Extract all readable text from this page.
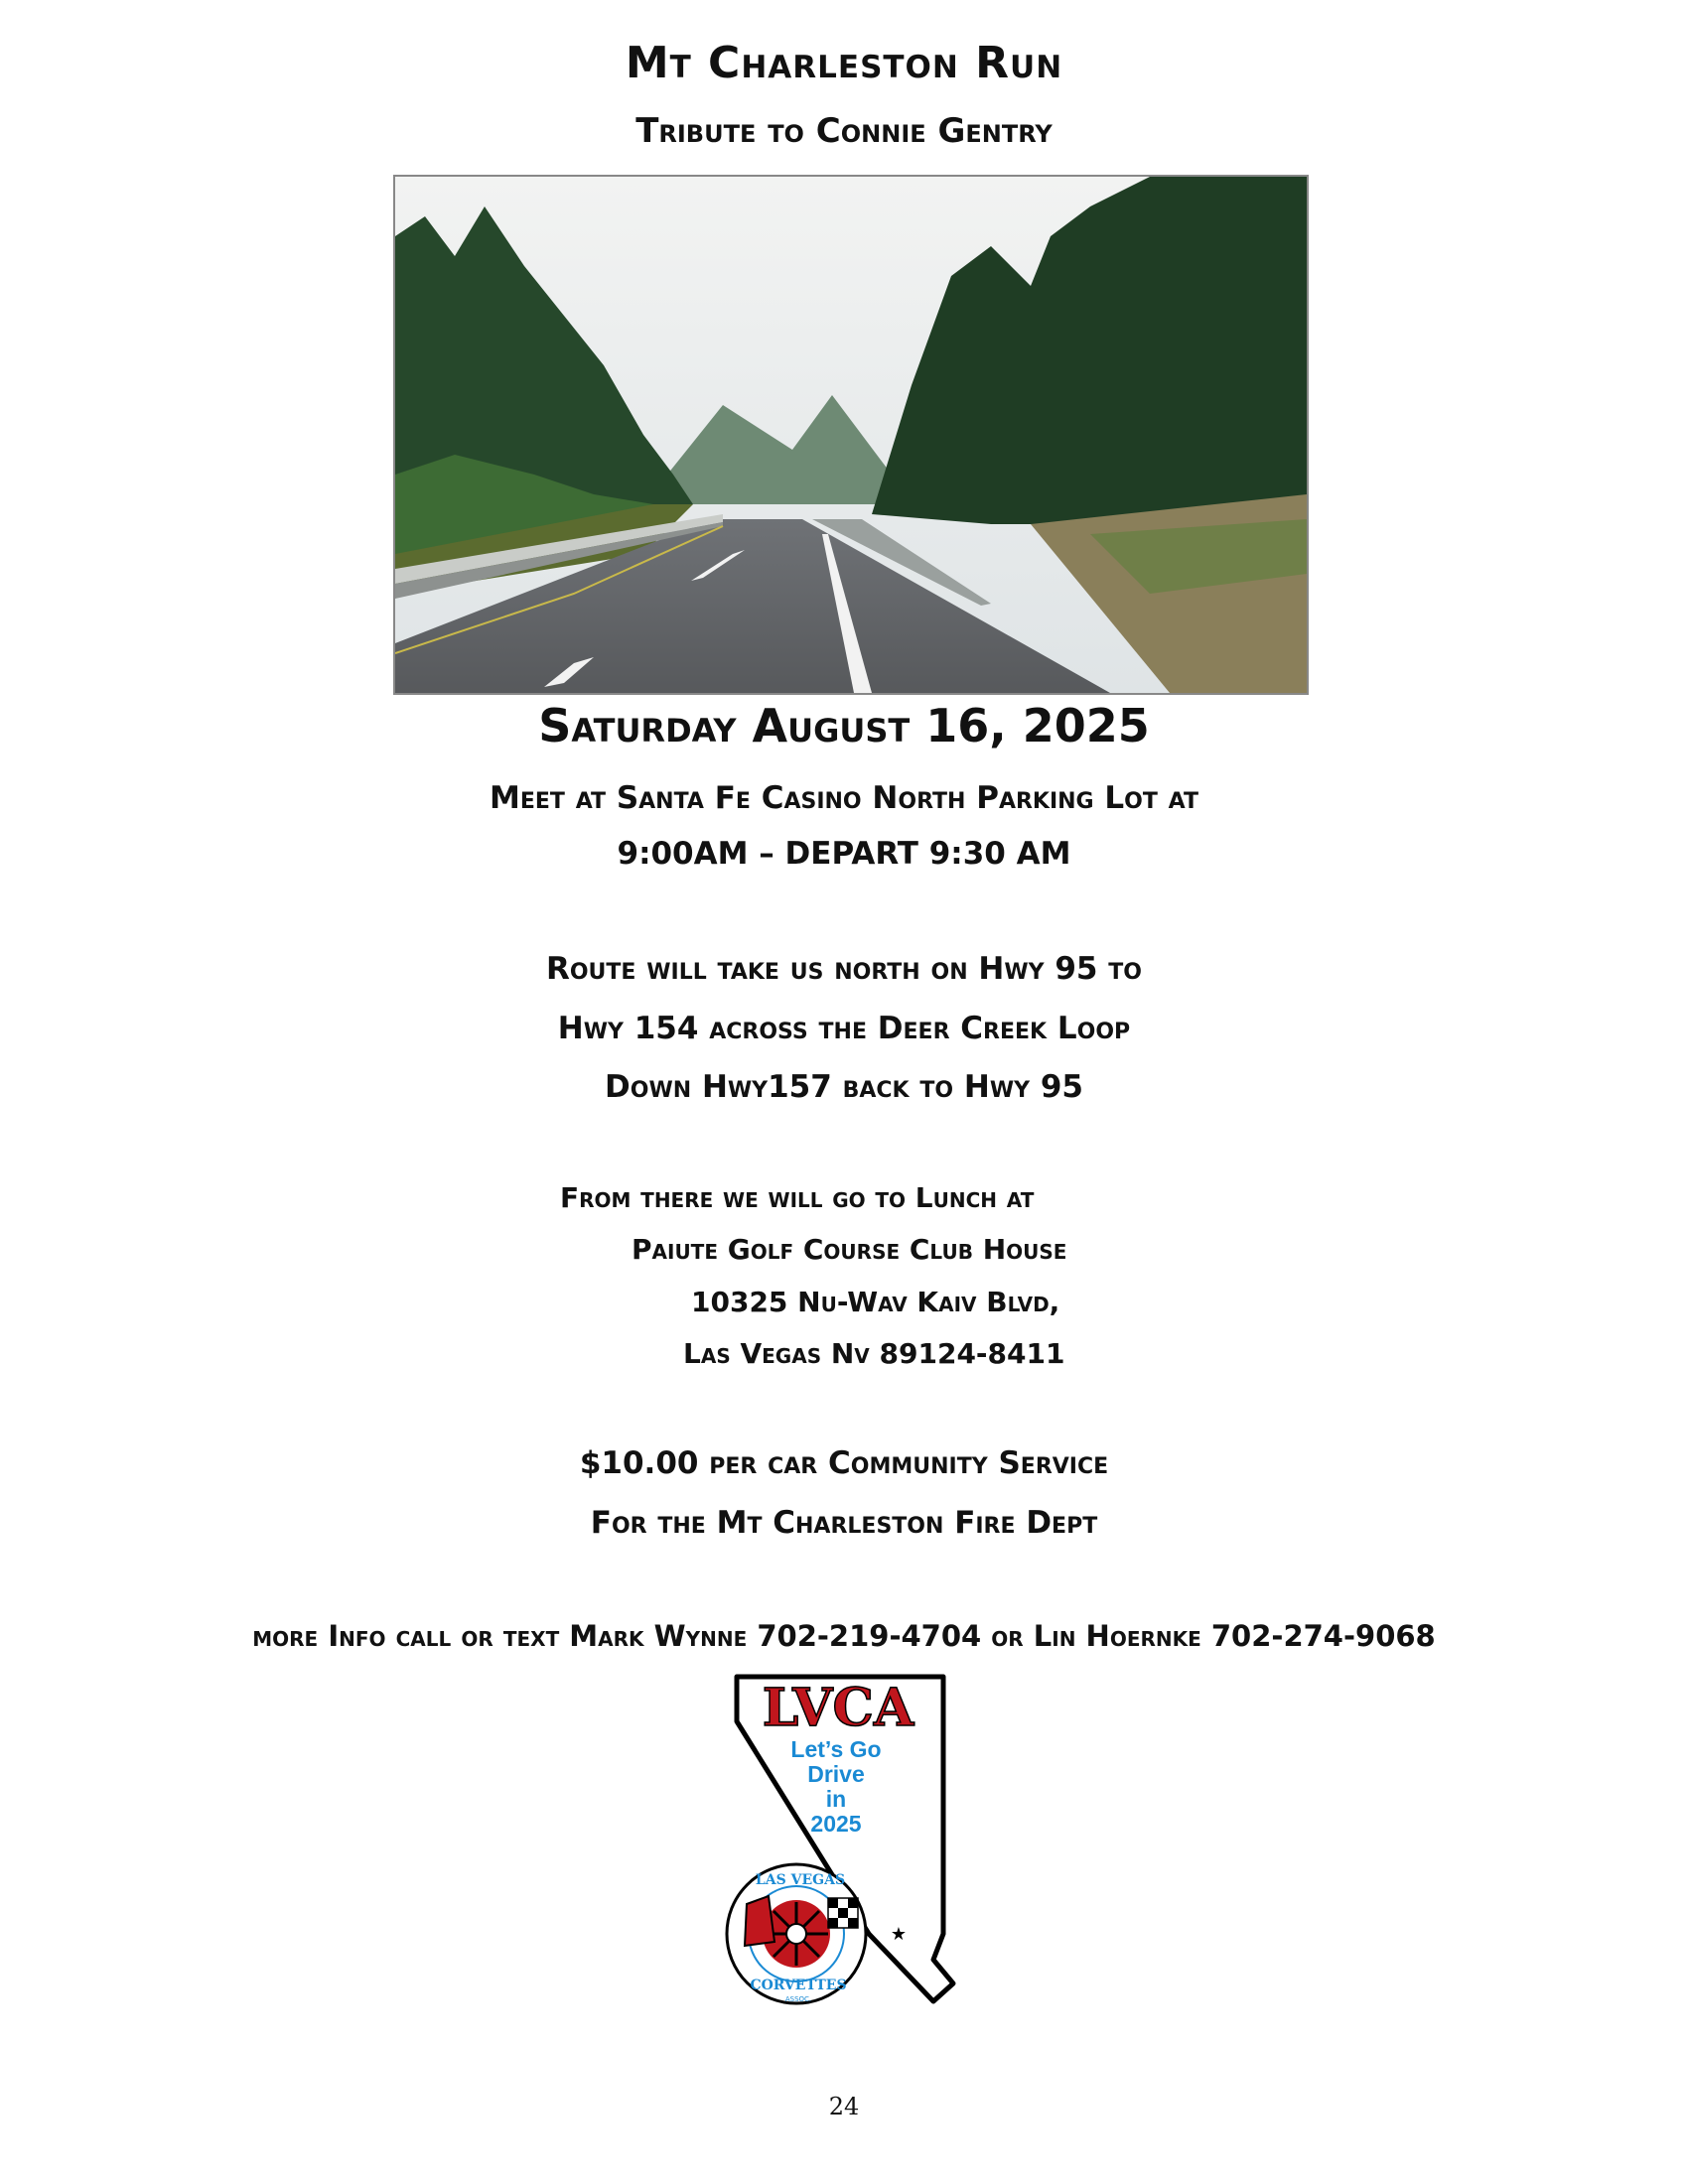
Mt Charleston Run

Tribute to Connie Gentry

Saturday August 16, 2025

Meet at Santa Fe Casino North Parking Lot at

9:00AM – DEPART 9:30 AM

Route will take us north on Hwy 95 to

Hwy 154 across the Deer Creek Loop

Down Hwy157 back to Hwy 95

From there we will go to Lunch at

Paiute Golf Course Club House

10325 Nu-Wav Kaiv Blvd,

Las Vegas Nv 89124-8411

$10.00 per car Community Service

For the Mt Charleston Fire Dept

more Info call or text Mark Wynne 702-219-4704 or Lin Hoernke 702-274-9068

LVCA
Let’s Go
Drive
in
2025
LAS VEGAS
CORVETTES
ASSOC.
★
24
